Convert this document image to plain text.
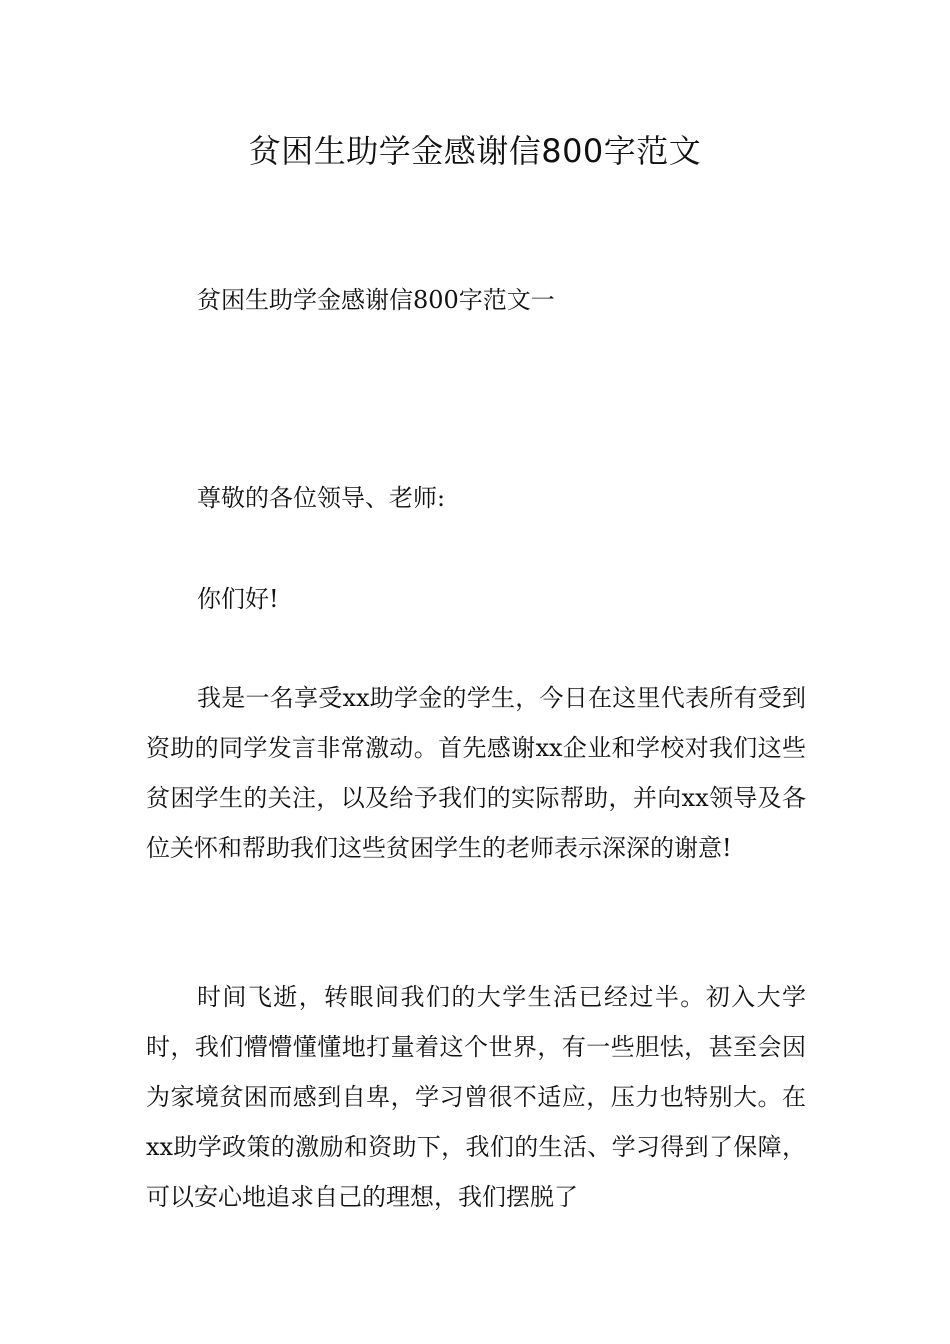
贫困生助学金感谢信800字范文

贫困生助学金感谢信800字范文一

尊敬的各位领导、老师:

你们好!

我是一名享受xx助学金的学生，今日在这里代表所有受到资助的同学发言非常激动。首先感谢xx企业和学校对我们这些贫困学生的关注，以及给予我们的实际帮助，并向xx领导及各位关怀和帮助我们这些贫困学生的老师表示深深的谢意!

时间飞逝，转眼间我们的大学生活已经过半。初入大学时，我们懵懵懂懂地打量着这个世界，有一些胆怯，甚至会因为家境贫困而感到自卑，学习曾很不适应，压力也特别大。在xx助学政策的激励和资助下，我们的生活、学习得到了保障，可以安心地追求自己的理想，我们摆脱了
